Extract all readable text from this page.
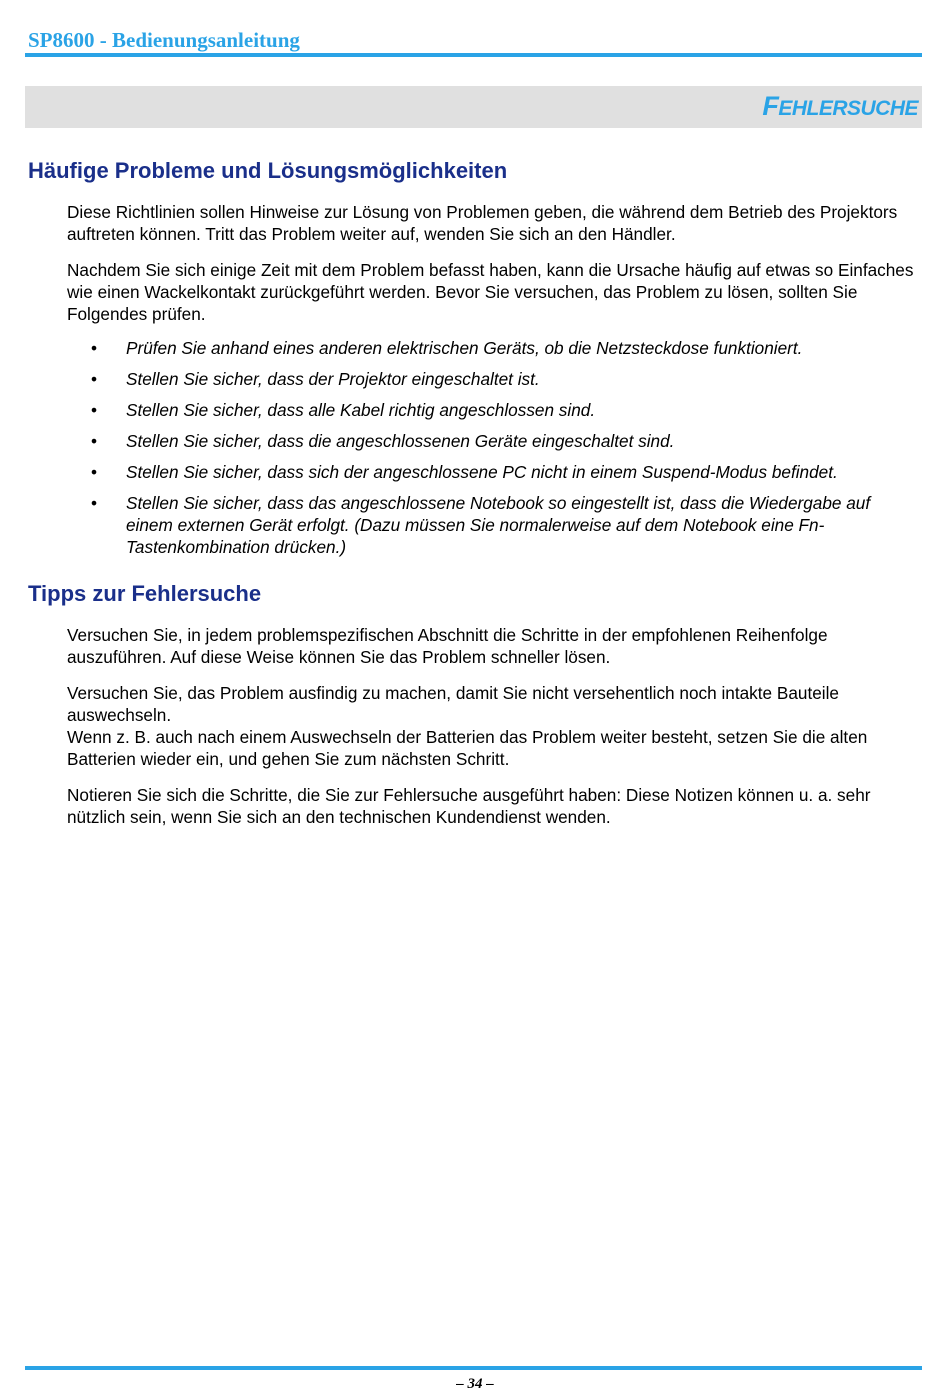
SP8600 - Bedienungsanleitung
FEHLERSUCHE
Häufige Probleme und Lösungsmöglichkeiten

Diese Richtlinien sollen Hinweise zur Lösung von Problemen geben, die während dem Betrieb des Projektors auftreten können. Tritt das Problem weiter auf, wenden Sie sich an den Händler.

Nachdem Sie sich einige Zeit mit dem Problem befasst haben, kann die Ursache häufig auf etwas so Einfaches wie einen Wackelkontakt zurückgeführt werden. Bevor Sie versuchen, das Problem zu lösen, sollten Sie Folgendes prüfen.

• Prüfen Sie anhand eines anderen elektrischen Geräts, ob die Netzsteckdose funktioniert.
• Stellen Sie sicher, dass der Projektor eingeschaltet ist.
• Stellen Sie sicher, dass alle Kabel richtig angeschlossen sind.
• Stellen Sie sicher, dass die angeschlossenen Geräte eingeschaltet sind.
• Stellen Sie sicher, dass sich der angeschlossene PC nicht in einem Suspend-Modus befindet.
• Stellen Sie sicher, dass das angeschlossene Notebook so eingestellt ist, dass die Wiedergabe auf einem externen Gerät erfolgt. (Dazu müssen Sie normalerweise auf dem Notebook eine Fn-Tastenkombination drücken.)
Tipps zur Fehlersuche

Versuchen Sie, in jedem problemspezifischen Abschnitt die Schritte in der empfohlenen Reihenfolge auszuführen. Auf diese Weise können Sie das Problem schneller lösen.

Versuchen Sie, das Problem ausfindig zu machen, damit Sie nicht versehentlich noch intakte Bauteile auswechseln.

Wenn z. B. auch nach einem Auswechseln der Batterien das Problem weiter besteht, setzen Sie die alten Batterien wieder ein, und gehen Sie zum nächsten Schritt.

Notieren Sie sich die Schritte, die Sie zur Fehlersuche ausgeführt haben: Diese Notizen können u. a. sehr nützlich sein, wenn Sie sich an den technischen Kundendienst wenden.

– 34 –
